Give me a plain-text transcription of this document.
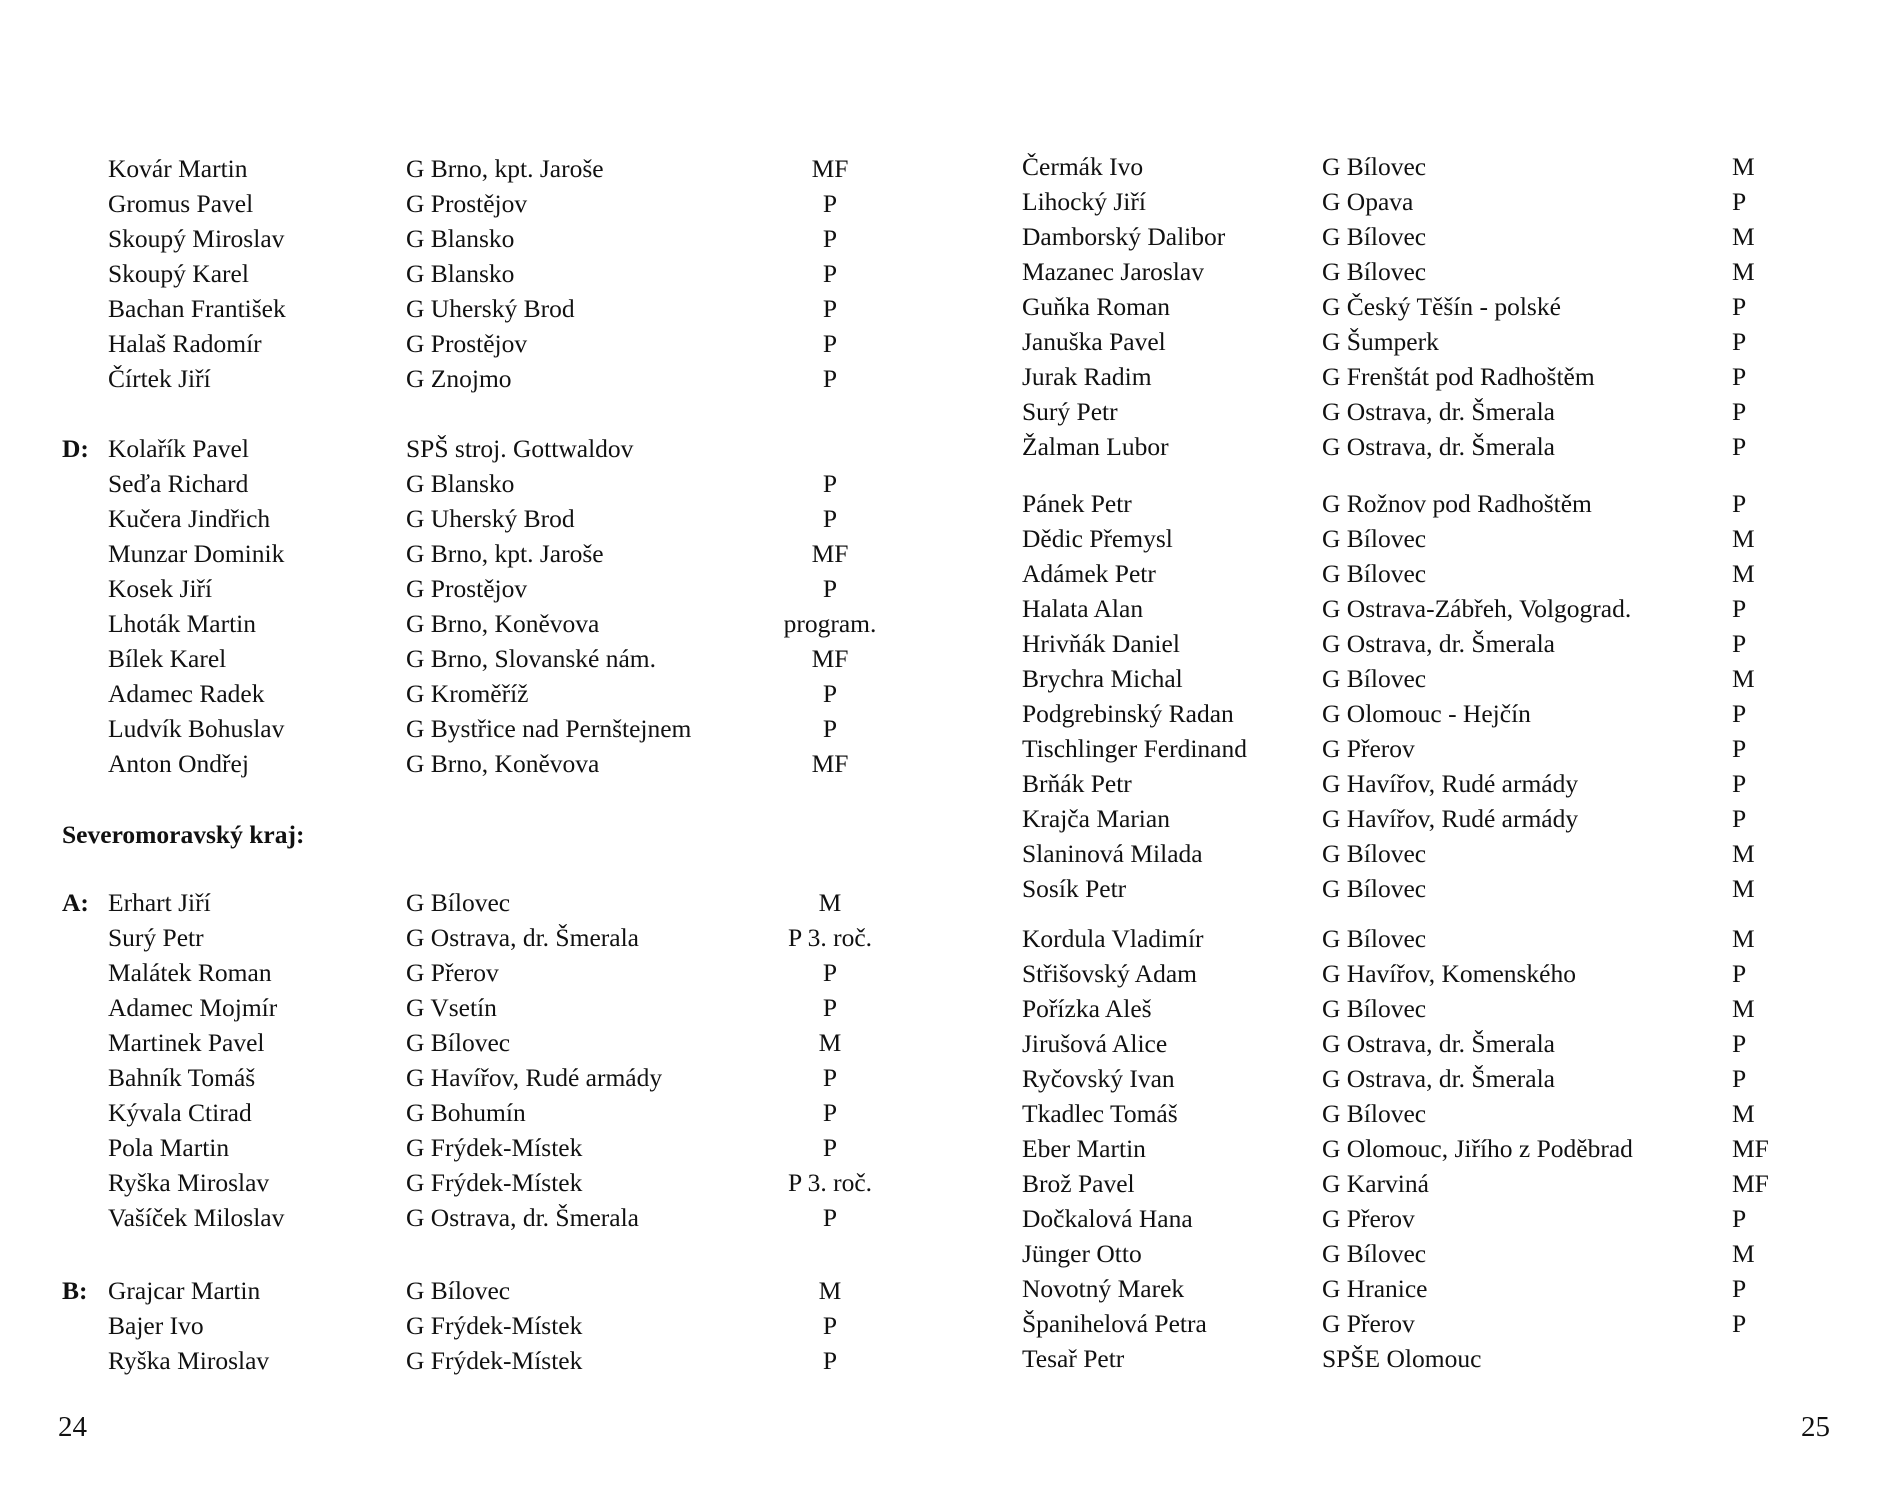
Kovár Martin	G Brno, kpt. Jaroše	MF
Gromus Pavel	G Prostějov	P
Skoupý Miroslav	G Blansko	P
Skoupý Karel	G Blansko	P
Bachan František	G Uherský Brod	P
Halaš Radomír	G Prostějov	P
Čírtek Jiří	G Znojmo	P
D: Kolařík Pavel	SPŠ stroj. Gottwaldov
Seďa Richard	G Blansko	P
Kučera Jindřich	G Uherský Brod	P
Munzar Dominik	G Brno, kpt. Jaroše	MF
Kosek Jiří	G Prostějov	P
Lhoták Martin	G Brno, Koněvova	program.
Bílek Karel	G Brno, Slovanské nám.	MF
Adamec Radek	G Kroměříž	P
Ludvík Bohuslav	G Bystřice nad Pernštejnem	P
Anton Ondřej	G Brno, Koněvova	MF
Severomoravský kraj:
A: Erhart Jiří	G Bílovec	M
Surý Petr	G Ostrava, dr. Šmerala	P 3. roč.
Malátek Roman	G Přerov	P
Adamec Mojmír	G Vsetín	P
Martinek Pavel	G Bílovec	M
Bahník Tomáš	G Havířov, Rudé armády	P
Kývala Ctirad	G Bohumín	P
Pola Martin	G Frýdek-Místek	P
Ryška Miroslav	G Frýdek-Místek	P 3. roč.
Vašíček Miloslav	G Ostrava, dr. Šmerala	P
B: Grajcar Martin	G Bílovec	M
Bajer Ivo	G Frýdek-Místek	P
Ryška Miroslav	G Frýdek-Místek	P
24
Čermák Ivo	G Bílovec	M
Lihocký Jiří	G Opava	P
Damborský Dalibor	G Bílovec	M
Mazanec Jaroslav	G Bílovec	M
Guňka Roman	G Český Těšín - polské	P
Januška Pavel	G Šumperk	P
Jurak Radim	G Frenštát pod Radhoštěm	P
Surý Petr	G Ostrava, dr. Šmerala	P
Žalman Lubor	G Ostrava, dr. Šmerala	P
Pánek Petr	G Rožnov pod Radhoštěm	P
Dědic Přemysl	G Bílovec	M
Adámek Petr	G Bílovec	M
Halata Alan	G Ostrava-Zábřeh, Volgograd.	P
Hrivňák Daniel	G Ostrava, dr. Šmerala	P
Brychra Michal	G Bílovec	M
Podgrebinský Radan	G Olomouc - Hejčín	P
Tischlinger Ferdinand	G Přerov	P
Brňák Petr	G Havířov, Rudé armády	P
Krajča Marian	G Havířov, Rudé armády	P
Slaninová Milada	G Bílovec	M
Sosík Petr	G Bílovec	M
Kordula Vladimír	G Bílovec	M
Střišovský Adam	G Havířov, Komenského	P
Pořízka Aleš	G Bílovec	M
Jirušová Alice	G Ostrava, dr. Šmerala	P
Ryčovský Ivan	G Ostrava, dr. Šmerala	P
Tkadlec Tomáš	G Bílovec	M
Eber Martin	G Olomouc, Jiřího z Poděbrad	MF
Brož Pavel	G Karviná	MF
Dočkalová Hana	G Přerov	P
Jünger Otto	G Bílovec	M
Novotný Marek	G Hranice	P
Španihelová Petra	G Přerov	P
Tesař Petr	SPŠE Olomouc
25
